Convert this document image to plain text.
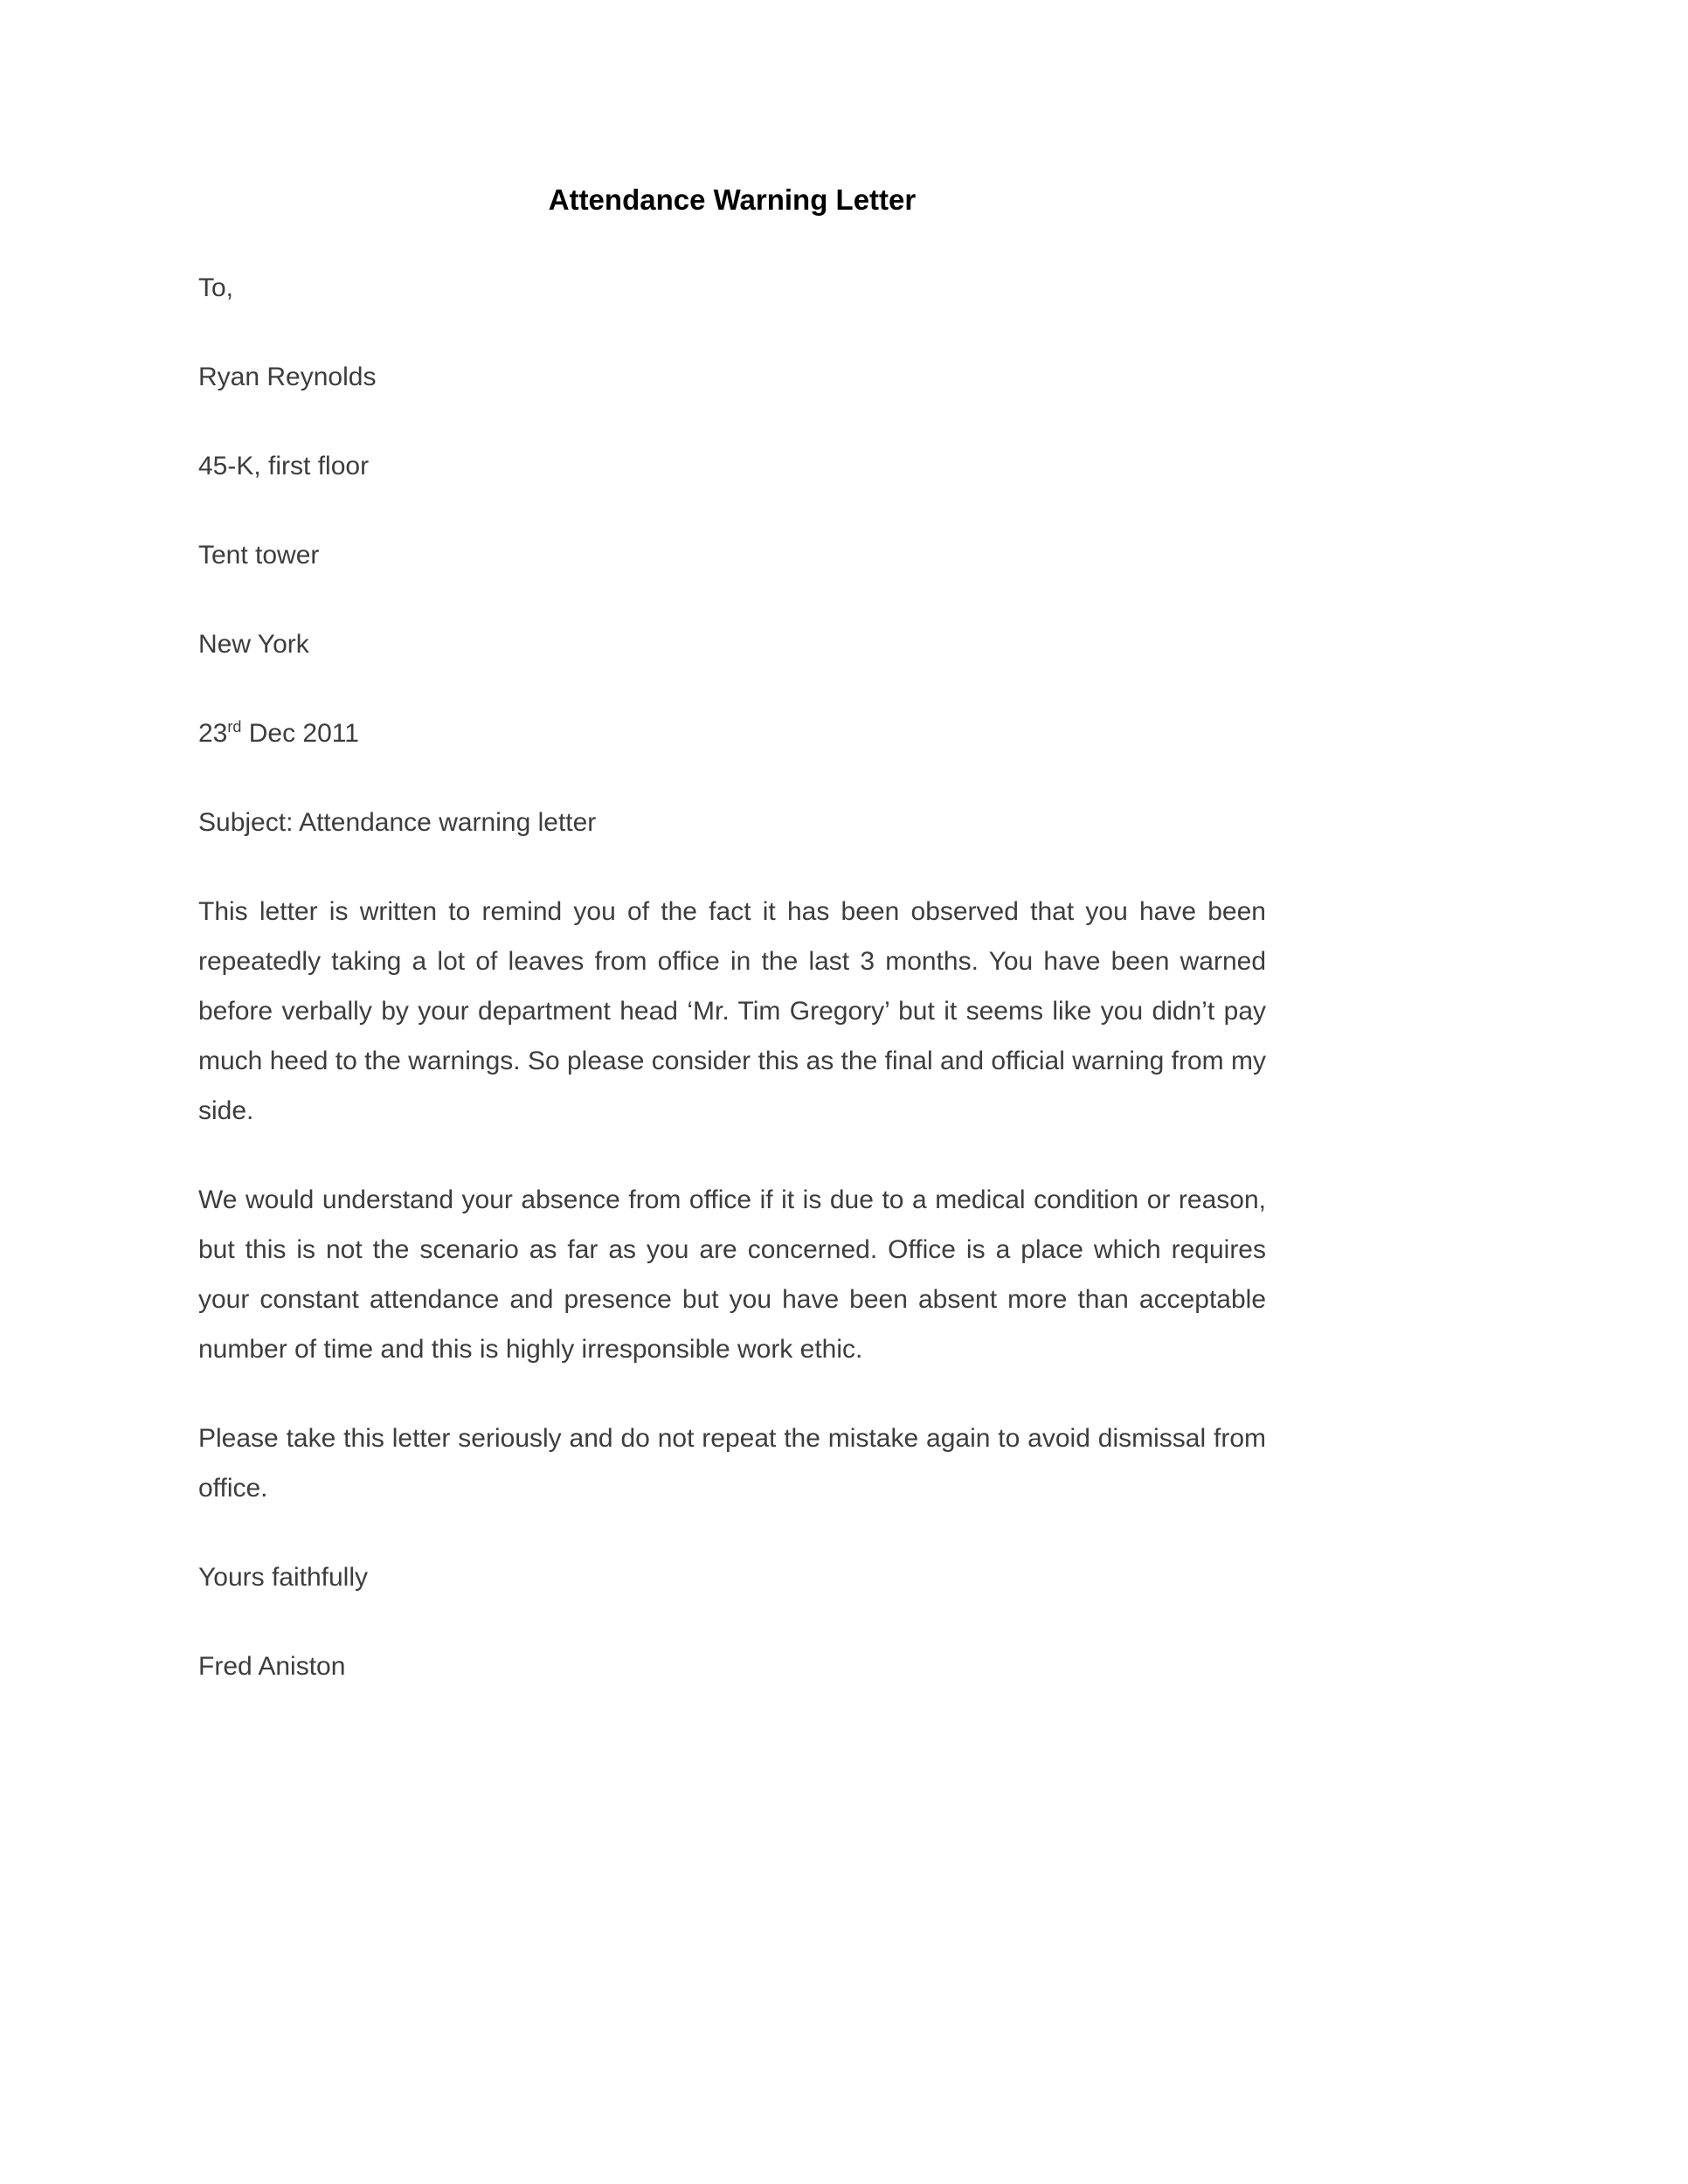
Attendance Warning Letter

To,

Ryan Reynolds

45-K, first floor

Tent tower

New York

23rd Dec 2011

Subject: Attendance warning letter

This letter is written to remind you of the fact it has been observed that you have been repeatedly taking a lot of leaves from office in the last 3 months. You have been warned before verbally by your department head ‘Mr. Tim Gregory’ but it seems like you didn’t pay much heed to the warnings. So please consider this as the final and official warning from my side.

We would understand your absence from office if it is due to a medical condition or reason, but this is not the scenario as far as you are concerned. Office is a place which requires your constant attendance and presence but you have been absent more than acceptable number of time and this is highly irresponsible work ethic.

Please take this letter seriously and do not repeat the mistake again to avoid dismissal from office.

Yours faithfully

Fred Aniston
